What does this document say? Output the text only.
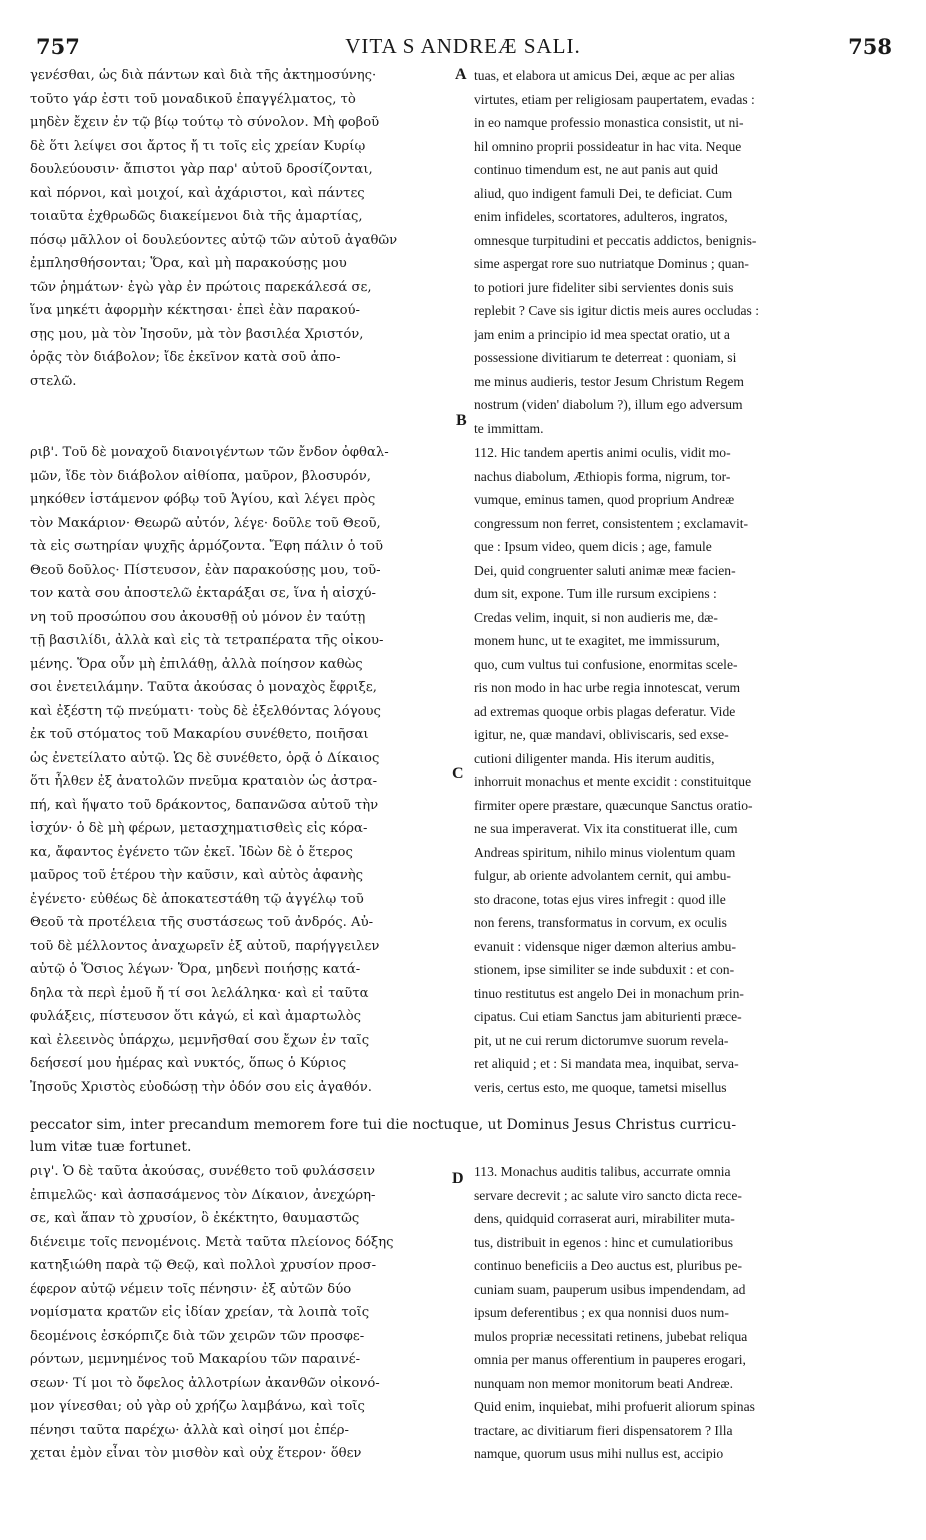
757	VITA S ANDREÆ SALI.	758
A
B
C
D
γενέσθαι, ὡς διὰ πάντων καὶ διὰ τῆς ἀκτημοσύνης·
τοῦτο γάρ ἐστι τοῦ μοναδικοῦ ἐπαγγέλματος, τὸ
μηδὲν ἔχειν ἐν τῷ βίῳ τούτῳ τὸ σύνολον. Μὴ φοβοῦ
δὲ ὅτι λείψει σοι ἄρτος ἤ τι τοῖς εἰς χρείαν Κυρίῳ
δουλεύουσιν· ἄπιστοι γὰρ παρ' αὐτοῦ δροσίζονται,
καὶ πόρνοι, καὶ μοιχοί, καὶ ἀχάριστοι, καὶ πάντες
τοιαῦτα ἐχθρωδῶς διακείμενοι διὰ τῆς ἁμαρτίας,
πόσῳ μᾶλλον οἱ δουλεύοντες αὐτῷ τῶν αὐτοῦ ἀγαθῶν
ἐμπλησθήσονται; Ὅρα, καὶ μὴ παρακούσῃς μου
τῶν ῥημάτων· ἐγὼ γὰρ ἐν πρώτοις παρεκάλεσά σε,
ἵνα μηκέτι ἀφορμὴν κέκτησαι· ἐπεὶ ἐὰν παρακού-
σῃς μου, μὰ τὸν Ἰησοῦν, μὰ τὸν βασιλέα Χριστόν,
ὁρᾷς τὸν διάβολον; ἴδε ἐκεῖνον κατὰ σοῦ ἀπο-
στελῶ.
tuas, et elabora ut amicus Dei, æque ac per alias
virtutes, etiam per religiosam paupertatem, evadas :
in eo namque professio monastica consistit, ut ni-
hil omnino proprii possideatur in hac vita. Neque
continuo timendum est, ne aut panis aut quid
aliud, quo indigent famuli Dei, te deficiat. Cum
enim infideles, scortatores, adulteros, ingratos,
omnesque turpitudini et peccatis addictos, benignis-
sime aspergat rore suo nutriatque Dominus ; quan-
to potiori jure fideliter sibi servientes donis suis
replebit ? Cave sis igitur dictis meis aures occludas :
jam enim a principio id mea spectat oratio, ut a
possessione divitiarum te deterreat : quoniam, si
me minus audieris, testor Jesum Christum Regem
nostrum (viden' diabolum ?), illum ego adversum
te immittam.
ριβ'. Τοῦ δὲ μοναχοῦ διανοιγέντων τῶν ἔνδον ὀφθαλ-
μῶν, ἴδε τὸν διάβολον αἰθίοπα, μαῦρον, βλοσυρόν,
μηκόθεν ἱστάμενον φόβῳ τοῦ Ἁγίου, καὶ λέγει πρὸς
τὸν Μακάριον· Θεωρῶ αὐτόν, λέγε· δοῦλε τοῦ Θεοῦ,
τὰ εἰς σωτηρίαν ψυχῆς ἁρμόζοντα. Ἔφη πάλιν ὁ τοῦ
Θεοῦ δοῦλος· Πίστευσον, ἐὰν παρακούσῃς μου, τοῦ-
τον κατὰ σου ἀποστελῶ ἐκταράξαι σε, ἵνα ἡ αἰσχύ-
νη τοῦ προσώπου σου ἀκουσθῇ οὐ μόνον ἐν ταύτῃ
τῇ βασιλίδι, ἀλλὰ καὶ εἰς τὰ τετραπέρατα τῆς οἰκου-
μένης. Ὅρα οὖν μὴ ἐπιλάθῃ, ἀλλὰ ποίησον καθὼς
σοι ἐνετειλάμην. Ταῦτα ἀκούσας ὁ μοναχὸς ἔφριξε,
καὶ ἐξέστη τῷ πνεύματι· τοὺς δὲ ἐξελθόντας λόγους
ἐκ τοῦ στόματος τοῦ Μακαρίου συνέθετο, ποιῆσαι
ὡς ἐνετείλατο αὐτῷ. Ὡς δὲ συνέθετο, ὁρᾷ ὁ Δίκαιος
ὅτι ἦλθεν ἐξ ἀνατολῶν πνεῦμα κραταιὸν ὡς ἀστρα-
πή, καὶ ἥψατο τοῦ δράκοντος, δαπανῶσα αὐτοῦ τὴν
ἰσχύν· ὁ δὲ μὴ φέρων, μετασχηματισθεὶς εἰς κόρα-
κα, ἄφαντος ἐγένετο τῶν ἐκεῖ. Ἰδὼν δὲ ὁ ἕτερος
μαῦρος τοῦ ἑτέρου τὴν καῦσιν, καὶ αὐτὸς ἀφανὴς
ἐγένετο· εὐθέως δὲ ἀποκατεστάθη τῷ ἀγγέλῳ τοῦ
Θεοῦ τὰ προτέλεια τῆς συστάσεως τοῦ ἀνδρός. Αὐ-
τοῦ δὲ μέλλοντος ἀναχωρεῖν ἐξ αὐτοῦ, παρήγγειλεν
αὐτῷ ὁ Ὅσιος λέγων· Ὅρα, μηδενὶ ποιήσῃς κατά-
δηλα τὰ περὶ ἐμοῦ ἤ τί σοι λελάληκα· καὶ εἰ ταῦτα
φυλάξεις, πίστευσον ὅτι κἀγώ, εἰ καὶ ἁμαρτωλὸς
καὶ ἐλεεινὸς ὑπάρχω, μεμνῆσθαί σου ἔχων ἐν ταῖς
δεήσεσί μου ἡμέρας καὶ νυκτός, ὅπως ὁ Κύριος
Ἰησοῦς Χριστὸς εὐοδώσῃ τὴν ὁδόν σου εἰς ἀγαθόν.
112. Hic tandem apertis animi oculis, vidit mo-
nachus diabolum, Æthiopis forma, nigrum, tor-
vumque, eminus tamen, quod proprium Andreæ
congressum non ferret, consistentem ; exclamavit-
que : Ipsum video, quem dicis ; age, famule
Dei, quid congruenter saluti animæ meæ facien-
dum sit, expone. Tum ille rursum excipiens :
Credas velim, inquit, si non audieris me, dæ-
monem hunc, ut te exagitet, me immissurum,
quo, cum vultus tui confusione, enormitas scele-
ris non modo in hac urbe regia innotescat, verum
ad extremas quoque orbis plagas deferatur. Vide
igitur, ne, quæ mandavi, obliviscaris, sed exse-
cutioni diligenter manda. His iterum auditis,
inhorruit monachus et mente excidit : constituitque
firmiter opere præstare, quæcunque Sanctus oratio-
ne sua imperaverat. Vix ita constituerat ille, cum
Andreas spiritum, nihilo minus violentum quam
fulgur, ab oriente advolantem cernit, qui ambu-
sto dracone, totas ejus vires infregit : quod ille
non ferens, transformatus in corvum, ex oculis
evanuit : vidensque niger dæmon alterius ambu-
stionem, ipse similiter se inde subduxit : et con-
tinuo restitutus est angelo Dei in monachum prin-
cipatus. Cui etiam Sanctus jam abiturienti præce-
pit, ut ne cui rerum dictorumve suorum revela-
ret aliquid ; et : Si mandata mea, inquibat, serva-
veris, certus esto, me quoque, tametsi misellus
peccator sim, inter precandum memorem fore tui die noctuque, ut Dominus Jesus Christus curricu-
lum vitæ tuæ fortunet.
ριγ'. Ὁ δὲ ταῦτα ἀκούσας, συνέθετο τοῦ φυλάσσειν
ἐπιμελῶς· καὶ ἀσπασάμενος τὸν Δίκαιον, ἀνεχώρη-
σε, καὶ ἅπαν τὸ χρυσίον, ὃ ἐκέκτητο, θαυμαστῶς
διένειμε τοῖς πενομένοις. Μετὰ ταῦτα πλείονος δόξης
κατηξιώθη παρὰ τῷ Θεῷ, καὶ πολλοὶ χρυσίον προσ-
έφερον αὐτῷ νέμειν τοῖς πένησιν· ἐξ αὐτῶν δύο
νομίσματα κρατῶν εἰς ἰδίαν χρείαν, τὰ λοιπὰ τοῖς
δεομένοις ἐσκόρπιζε διὰ τῶν χειρῶν τῶν προσφε-
ρόντων, μεμνημένος τοῦ Μακαρίου τῶν παραινέ-
σεων· Τί μοι τὸ ὄφελος ἀλλοτρίων ἀκανθῶν οἰκονό-
μον γίνεσθαι; οὐ γὰρ οὐ χρήζω λαμβάνω, καὶ τοῖς
πένησι ταῦτα παρέχω· ἀλλὰ καὶ οἰησί μοι ἐπέρ-
χεται ἐμὸν εἶναι τὸν μισθὸν καὶ οὐχ ἕτερον· ὅθεν
113. Monachus auditis talibus, accurrate omnia
servare decrevit ; ac salute viro sancto dicta rece-
dens, quidquid corraserat auri, mirabiliter muta-
tus, distribuit in egenos : hinc et cumulatioribus
continuo beneficiis a Deo auctus est, pluribus pe-
cuniam suam, pauperum usibus impendendam, ad
ipsum deferentibus ; ex qua nonnisi duos num-
mulos propriæ necessitati retinens, jubebat reliqua
omnia per manus offerentium in pauperes erogari,
nunquam non memor monitorum beati Andreæ.
Quid enim, inquiebat, mihi profuerit aliorum spinas
tractare, ac divitiarum fieri dispensatorem ? Illa
namque, quorum usus mihi nullus est, accipio
